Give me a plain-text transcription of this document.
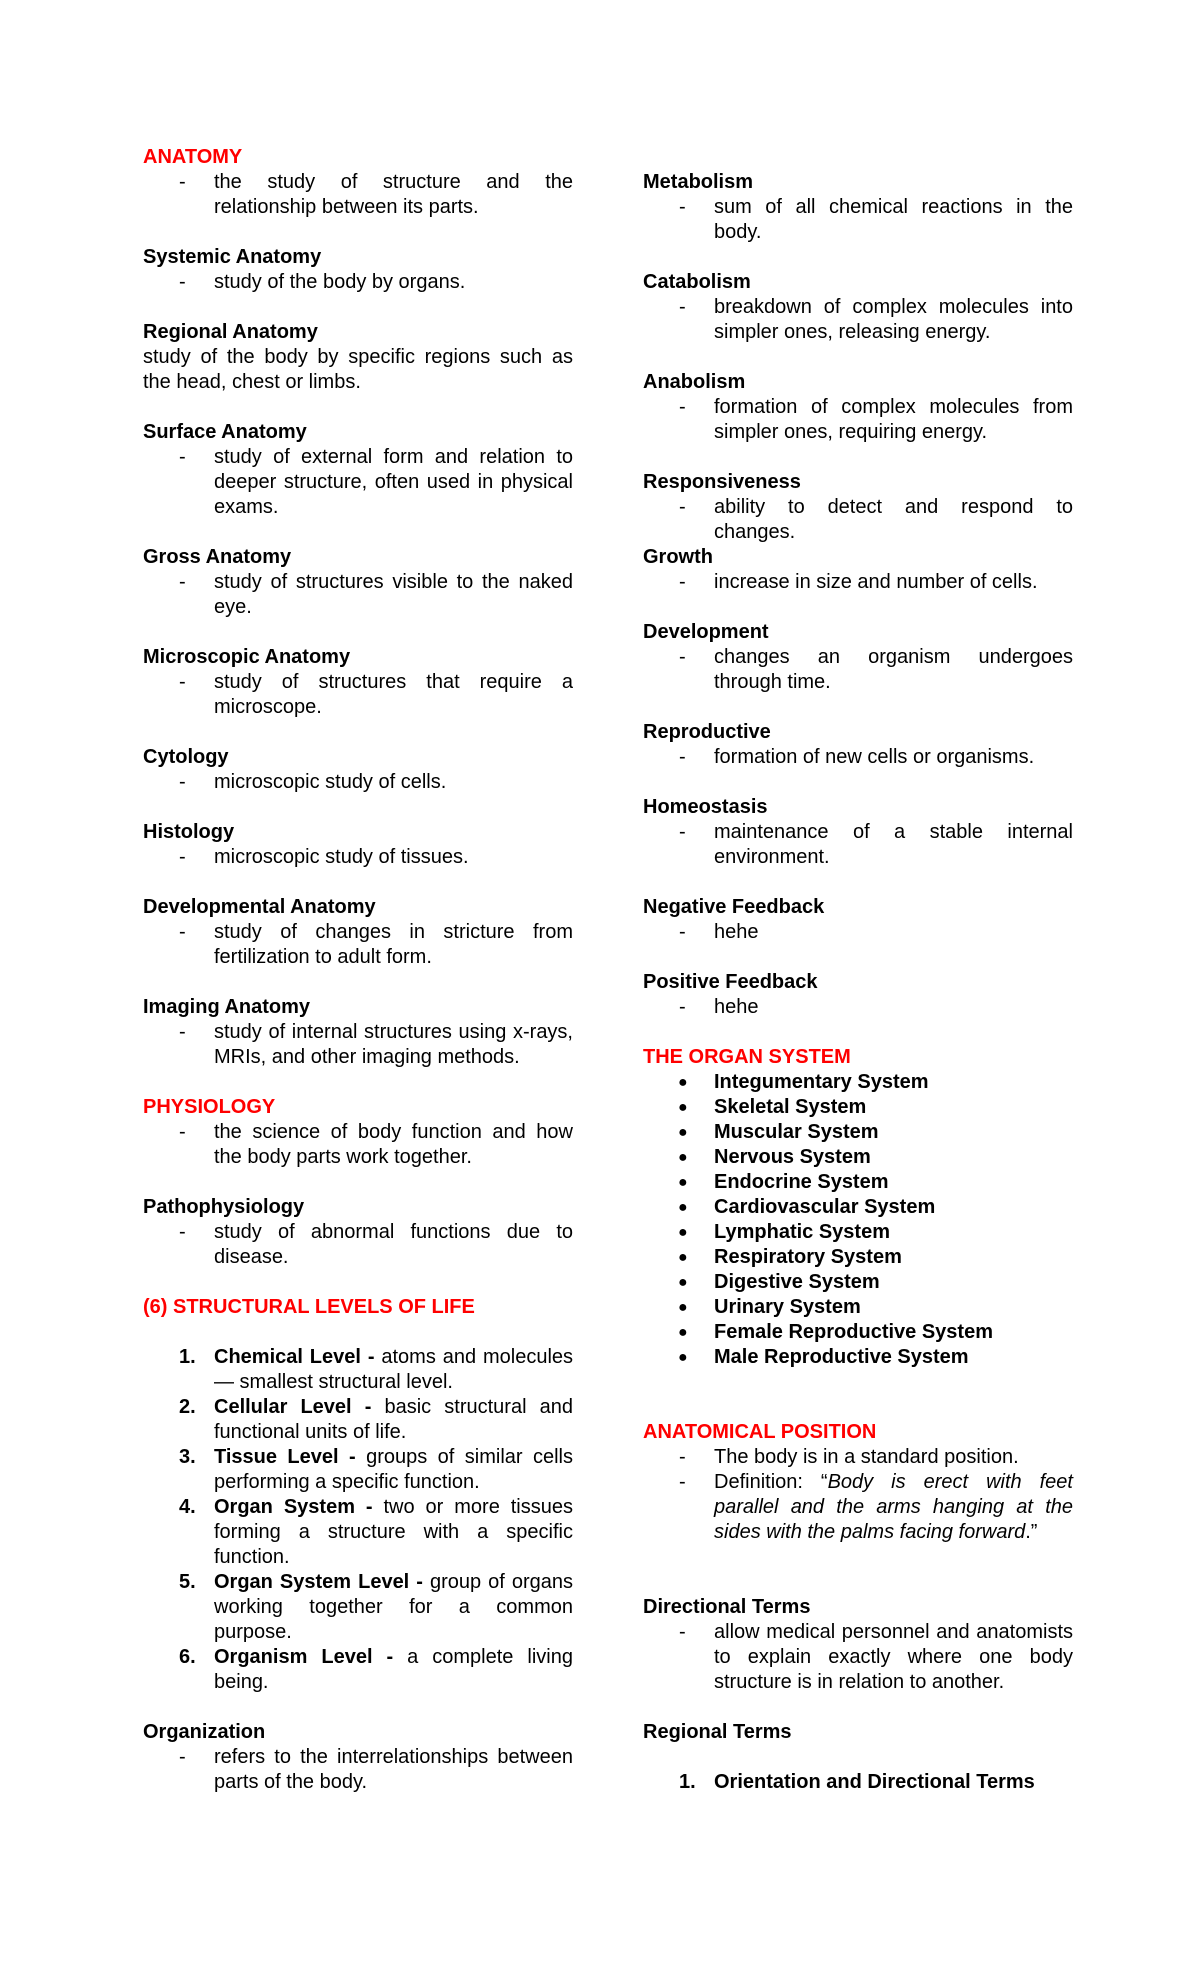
ANATOMY
- the study of structure and the relationship between its parts.
Systemic Anatomy
- study of the body by organs.
Regional Anatomy
study of the body by specific regions such as the head, chest or limbs.
Surface Anatomy
- study of external form and relation to deeper structure, often used in physical exams.
Gross Anatomy
- study of structures visible to the naked eye.
Microscopic Anatomy
- study of structures that require a microscope.
Cytology
- microscopic study of cells.
Histology
- microscopic study of tissues.
Developmental Anatomy
- study of changes in stricture from fertilization to adult form.
Imaging Anatomy
- study of internal structures using x-rays, MRIs, and other imaging methods.
PHYSIOLOGY
- the science of body function and how the body parts work together.
Pathophysiology
- study of abnormal functions due to disease.
(6) STRUCTURAL LEVELS OF LIFE
1. Chemical Level - atoms and molecules — smallest structural level.
2. Cellular Level - basic structural and functional units of life.
3. Tissue Level - groups of similar cells performing a specific function.
4. Organ System - two or more tissues forming a structure with a specific function.
5. Organ System Level - group of organs working together for a common purpose.
6. Organism Level - a complete living being.
Organization
- refers to the interrelationships between parts of the body.
Metabolism
- sum of all chemical reactions in the body.
Catabolism
- breakdown of complex molecules into simpler ones, releasing energy.
Anabolism
- formation of complex molecules from simpler ones, requiring energy.
Responsiveness
- ability to detect and respond to changes.
Growth
- increase in size and number of cells.
Development
- changes an organism undergoes through time.
Reproductive
- formation of new cells or organisms.
Homeostasis
- maintenance of a stable internal environment.
Negative Feedback
- hehe
Positive Feedback
- hehe
THE ORGAN SYSTEM
● Integumentary System
● Skeletal System
● Muscular System
● Nervous System
● Endocrine System
● Cardiovascular System
● Lymphatic System
● Respiratory System
● Digestive System
● Urinary System
● Female Reproductive System
● Male Reproductive System
ANATOMICAL POSITION
- The body is in a standard position.
- Definition: “Body is erect with feet parallel and the arms hanging at the sides with the palms facing forward.”
Directional Terms
- allow medical personnel and anatomists to explain exactly where one body structure is in relation to another.
Regional Terms
1. Orientation and Directional Terms
